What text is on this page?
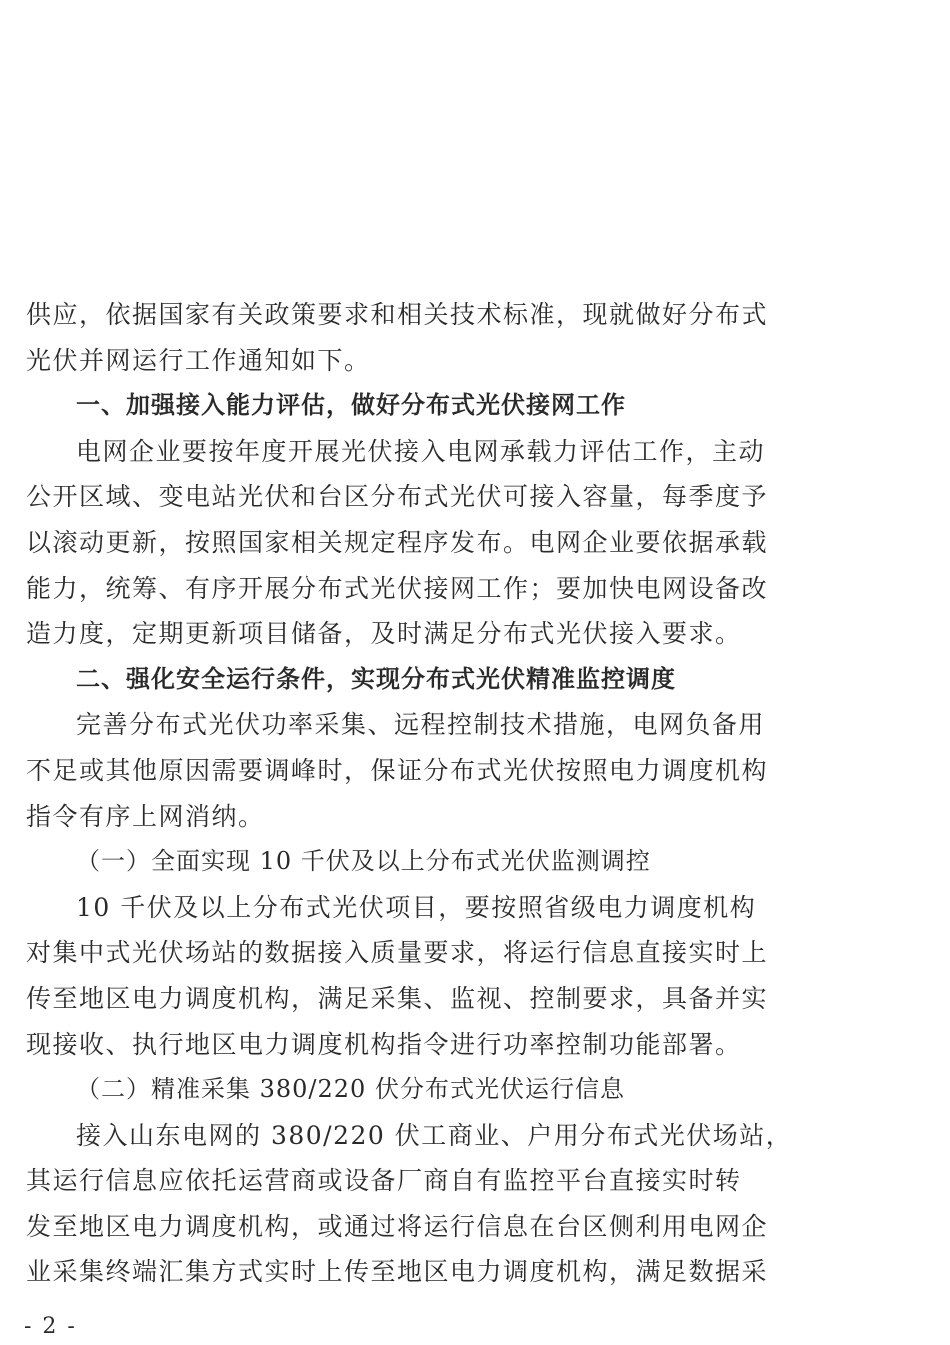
供应，依据国家有关政策要求和相关技术标准，现就做好分布式
光伏并网运行工作通知如下。
一、加强接入能力评估，做好分布式光伏接网工作
电网企业要按年度开展光伏接入电网承载力评估工作，主动
公开区域、变电站光伏和台区分布式光伏可接入容量，每季度予
以滚动更新，按照国家相关规定程序发布。电网企业要依据承载
能力，统筹、有序开展分布式光伏接网工作；要加快电网设备改
造力度，定期更新项目储备，及时满足分布式光伏接入要求。
二、强化安全运行条件，实现分布式光伏精准监控调度
完善分布式光伏功率采集、远程控制技术措施，电网负备用
不足或其他原因需要调峰时，保证分布式光伏按照电力调度机构
指令有序上网消纳。
（一）全面实现 10 千伏及以上分布式光伏监测调控
10 千伏及以上分布式光伏项目，要按照省级电力调度机构
对集中式光伏场站的数据接入质量要求，将运行信息直接实时上
传至地区电力调度机构，满足采集、监视、控制要求，具备并实
现接收、执行地区电力调度机构指令进行功率控制功能部署。
（二）精准采集 380/220 伏分布式光伏运行信息
接入山东电网的 380/220 伏工商业、户用分布式光伏场站，
其运行信息应依托运营商或设备厂商自有监控平台直接实时转
发至地区电力调度机构，或通过将运行信息在台区侧利用电网企
业采集终端汇集方式实时上传至地区电力调度机构，满足数据采
- 2 -
